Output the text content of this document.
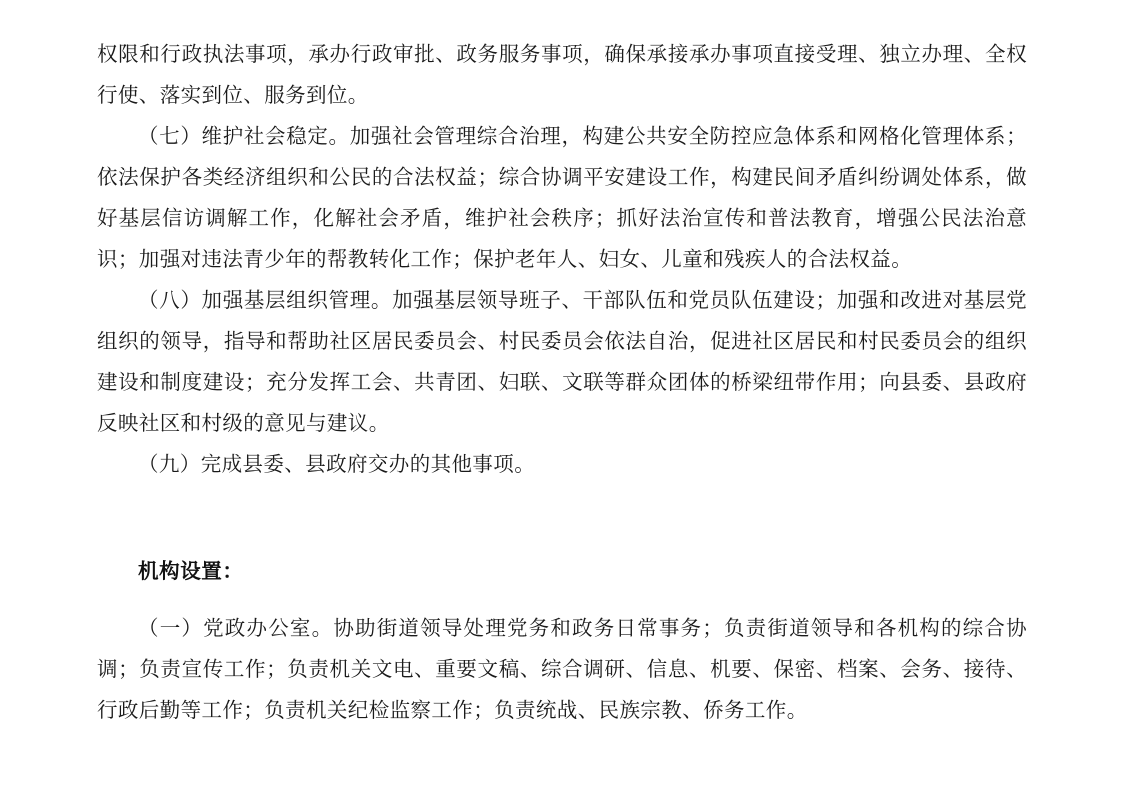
权限和行政执法事项，承办行政审批、政务服务事项，确保承接承办事项直接受理、独立办理、全权行使、落实到位、服务到位。

（七）维护社会稳定。加强社会管理综合治理，构建公共安全防控应急体系和网格化管理体系；依法保护各类经济组织和公民的合法权益；综合协调平安建设工作，构建民间矛盾纠纷调处体系，做好基层信访调解工作，化解社会矛盾，维护社会秩序；抓好法治宣传和普法教育，增强公民法治意识；加强对违法青少年的帮教转化工作；保护老年人、妇女、儿童和残疾人的合法权益。

（八）加强基层组织管理。加强基层领导班子、干部队伍和党员队伍建设；加强和改进对基层党组织的领导，指导和帮助社区居民委员会、村民委员会依法自治，促进社区居民和村民委员会的组织建设和制度建设；充分发挥工会、共青团、妇联、文联等群众团体的桥梁纽带作用；向县委、县政府反映社区和村级的意见与建议。

（九）完成县委、县政府交办的其他事项。

机构设置：

（一）党政办公室。协助街道领导处理党务和政务日常事务；负责街道领导和各机构的综合协调；负责宣传工作；负责机关文电、重要文稿、综合调研、信息、机要、保密、档案、会务、接待、行政后勤等工作；负责机关纪检监察工作；负责统战、民族宗教、侨务工作。
